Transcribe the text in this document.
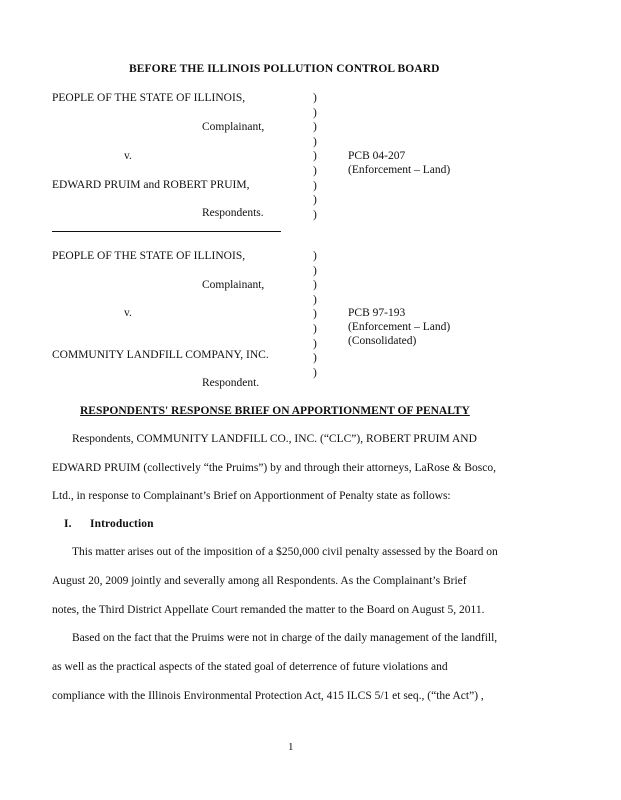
BEFORE THE ILLINOIS POLLUTION CONTROL BOARD
PEOPLE OF THE STATE OF ILLINOIS,
Complainant,
v.
EDWARD PRUIM and ROBERT PRUIM,
Respondents.
PCB 04-207
(Enforcement – Land)
)
)
)
)
)
)
)
)
)
PEOPLE OF THE STATE OF ILLINOIS,
Complainant,
v.
COMMUNITY LANDFILL COMPANY, INC.
Respondent.
PCB 97-193
(Enforcement – Land)
(Consolidated)
)
)
)
)
)
)
)
)
)
RESPONDENTS' RESPONSE BRIEF ON APPORTIONMENT OF PENALTY
Respondents, COMMUNITY LANDFILL CO., INC. (“CLC”), ROBERT PRUIM AND
EDWARD PRUIM (collectively “the Pruims”) by and through their attorneys, LaRose & Bosco,
Ltd., in response to Complainant’s Brief on Apportionment of Penalty state as follows:
I. Introduction
This matter arises out of the imposition of a $250,000 civil penalty assessed by the Board on
August 20, 2009 jointly and severally among all Respondents. As the Complainant’s Brief
notes, the Third District Appellate Court remanded the matter to the Board on August 5, 2011.
Based on the fact that the Pruims were not in charge of the daily management of the landfill,
as well as the practical aspects of the stated goal of deterrence of future violations and
compliance with the Illinois Environmental Protection Act, 415 ILCS 5/1 et seq., (“the Act”) ,
1
